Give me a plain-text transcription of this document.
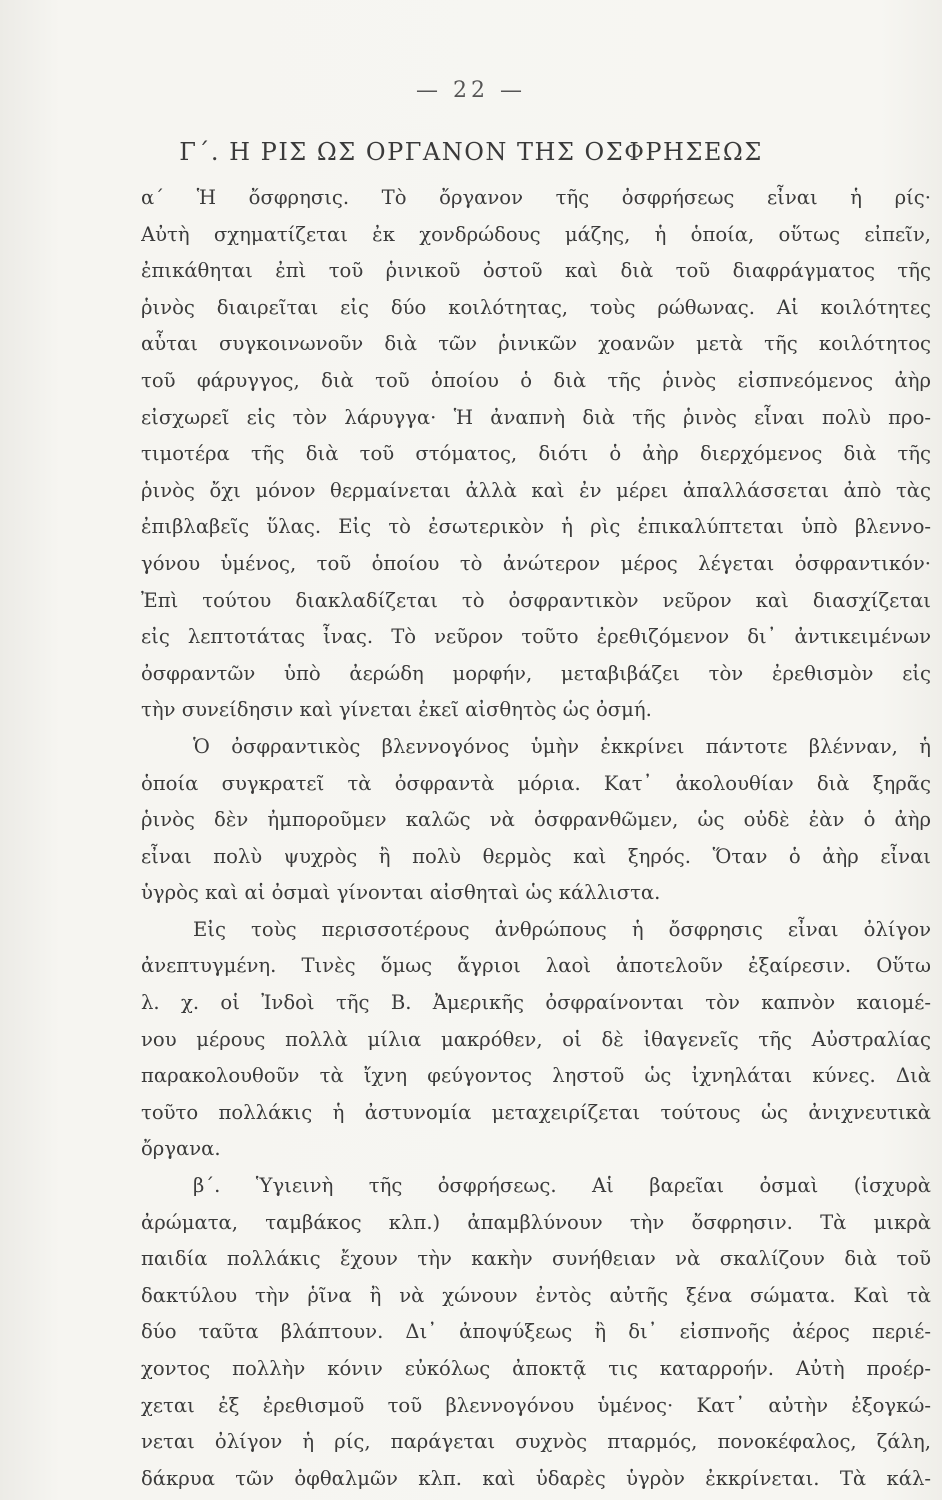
— 22 —
Γ΄. Η ΡΙΣ ΩΣ ΟΡΓΑΝΟΝ ΤΗΣ ΟΣΦΡΗΣΕΩΣ
α΄ Ἡ ὄσφρησις. Τὸ ὄργανον τῆς ὀσφρήσεως εἶναι ἡ ρίς·
Αὐτὴ σχηματίζεται ἐκ χονδρώδους μάζης, ἡ ὁποία, οὕτως εἰπεῖν,
ἐπικάθηται ἐπὶ τοῦ ῥινικοῦ ὀστοῦ καὶ διὰ τοῦ διαφράγματος τῆς
ῥινὸς διαιρεῖται εἰς δύο κοιλότητας, τοὺς ρώθωνας. Αἱ κοιλότητες
αὗται συγκοινωνοῦν διὰ τῶν ῥινικῶν χοανῶν μετὰ τῆς κοιλότητος
τοῦ φάρυγγος, διὰ τοῦ ὁποίου ὁ διὰ τῆς ῥινὸς εἰσπνεόμενος ἀὴρ
εἰσχωρεῖ εἰς τὸν λάρυγγα· Ἡ ἀναπνὴ διὰ τῆς ῥινὸς εἶναι πολὺ προ-
τιμοτέρα τῆς διὰ τοῦ στόματος, διότι ὁ ἀὴρ διερχόμενος διὰ τῆς
ῥινὸς ὄχι μόνον θερμαίνεται ἀλλὰ καὶ ἐν μέρει ἀπαλλάσσεται ἀπὸ τὰς
ἐπιβλαβεῖς ὕλας. Εἰς τὸ ἐσωτερικὸν ἡ ρὶς ἐπικαλύπτεται ὑπὸ βλεννο-
γόνου ὑμένος, τοῦ ὁποίου τὸ ἀνώτερον μέρος λέγεται ὀσφραντικόν·
Ἐπὶ τούτου διακλαδίζεται τὸ ὀσφραντικὸν νεῦρον καὶ διασχίζεται
εἰς λεπτοτάτας ἶνας. Τὸ νεῦρον τοῦτο ἐρεθιζόμενον δι᾿ ἀντικειμένων
ὀσφραντῶν ὑπὸ ἀερώδη μορφήν, μεταβιβάζει τὸν ἐρεθισμὸν εἰς
τὴν συνείδησιν καὶ γίνεται ἐκεῖ αἰσθητὸς ὡς ὀσμή.
Ὁ ὀσφραντικὸς βλεννογόνος ὑμὴν ἐκκρίνει πάντοτε βλένναν, ἡ
ὁποία συγκρατεῖ τὰ ὀσφραντὰ μόρια. Κατ᾿ ἀκολουθίαν διὰ ξηρᾶς
ῥινὸς δὲν ἠμποροῦμεν καλῶς νὰ ὀσφρανθῶμεν, ὡς οὐδὲ ἐὰν ὁ ἀὴρ
εἶναι πολὺ ψυχρὸς ἢ πολὺ θερμὸς καὶ ξηρός. Ὅταν ὁ ἀὴρ εἶναι
ὑγρὸς καὶ αἱ ὀσμαὶ γίνονται αἰσθηταὶ ὡς κάλλιστα.
Εἰς τοὺς περισσοτέρους ἀνθρώπους ἡ ὄσφρησις εἶναι ὀλίγον
ἀνεπτυγμένη. Τινὲς ὅμως ἄγριοι λαοὶ ἀποτελοῦν ἐξαίρεσιν. Οὕτω
λ. χ. οἱ Ἰνδοὶ τῆς Β. Ἀμερικῆς ὀσφραίνονται τὸν καπνὸν καιομέ-
νου μέρους πολλὰ μίλια μακρόθεν, οἱ δὲ ἰθαγενεῖς τῆς Αὐστραλίας
παρακολουθοῦν τὰ ἴχνη φεύγοντος ληστοῦ ὡς ἰχνηλάται κύνες. Διὰ
τοῦτο πολλάκις ἡ ἀστυνομία μεταχειρίζεται τούτους ὡς ἀνιχνευτικὰ
ὄργανα.
β΄. Ὑγιεινὴ τῆς ὀσφρήσεως. Αἱ βαρεῖαι ὀσμαὶ (ἰσχυρὰ
ἀρώματα, ταμβάκος κλπ.) ἀπαμβλύνουν τὴν ὄσφρησιν. Τὰ μικρὰ
παιδία πολλάκις ἔχουν τὴν κακὴν συνήθειαν νὰ σκαλίζουν διὰ τοῦ
δακτύλου τὴν ῥῖνα ἢ νὰ χώνουν ἐντὸς αὐτῆς ξένα σώματα. Καὶ τὰ
δύο ταῦτα βλάπτουν. Δι᾿ ἀποψύξεως ἢ δι᾿ εἰσπνοῆς ἀέρος περιέ-
χοντος πολλὴν κόνιν εὐκόλως ἀποκτᾷ τις καταρροήν. Αὐτὴ προέρ-
χεται ἐξ ἐρεθισμοῦ τοῦ βλεννογόνου ὑμένος· Κατ᾿ αὐτὴν ἐξογκώ-
νεται ὀλίγον ἡ ρίς, παράγεται συχνὸς πταρμός, πονοκέφαλος, ζάλη,
δάκρυα τῶν ὀφθαλμῶν κλπ. καὶ ὑδαρὲς ὑγρὸν ἐκκρίνεται. Τὰ κάλ-
